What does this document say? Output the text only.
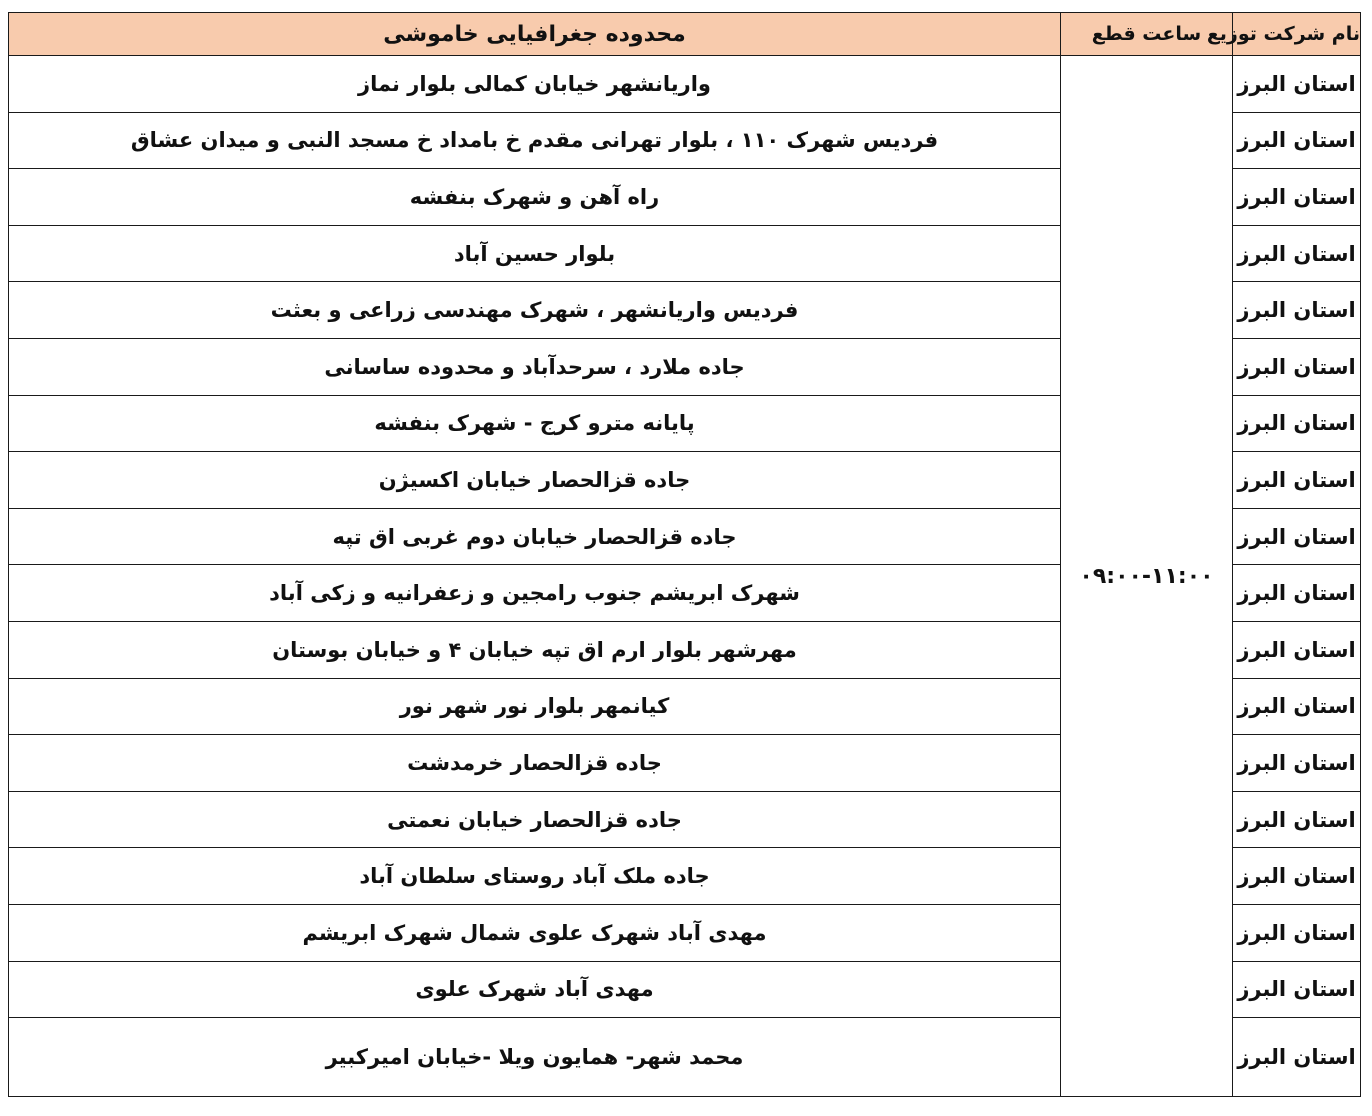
نام شرکت توزیع	ساعت قطع	محدوده جغرافیایی خاموشی
استان البرز	۰۹:۰۰-۱۱:۰۰	واریانشهر خیابان کمالی بلوار نماز
استان البرز		فردیس شهرک ۱۱۰ ، بلوار تهرانی مقدم خ بامداد خ مسجد النبی و میدان عشاق
استان البرز		راه آهن و شهرک بنفشه
استان البرز		بلوار حسین آباد
استان البرز		فردیس واریانشهر ، شهرک مهندسی زراعی و بعثت
استان البرز		جاده ملارد ، سرحدآباد و محدوده ساسانی
استان البرز		پایانه مترو کرج - شهرک بنفشه
استان البرز		جاده قزالحصار خیابان اکسیژن
استان البرز		جاده قزالحصار خیابان دوم غربی اق تپه
استان البرز		شهرک ابریشم جنوب رامجین و زعفرانیه و زکی آباد
استان البرز		مهرشهر بلوار ارم اق تپه خیابان ۴ و خیابان بوستان
استان البرز		کیانمهر بلوار نور شهر نور
استان البرز		جاده قزالحصار خرمدشت
استان البرز		جاده قزالحصار خیابان نعمتی
استان البرز		جاده ملک آباد روستای سلطان آباد
استان البرز		مهدی آباد شهرک علوی شمال شهرک ابریشم
استان البرز		مهدی آباد شهرک علوی
استان البرز		محمد شهر- همایون ویلا -خیابان امیرکبیر
